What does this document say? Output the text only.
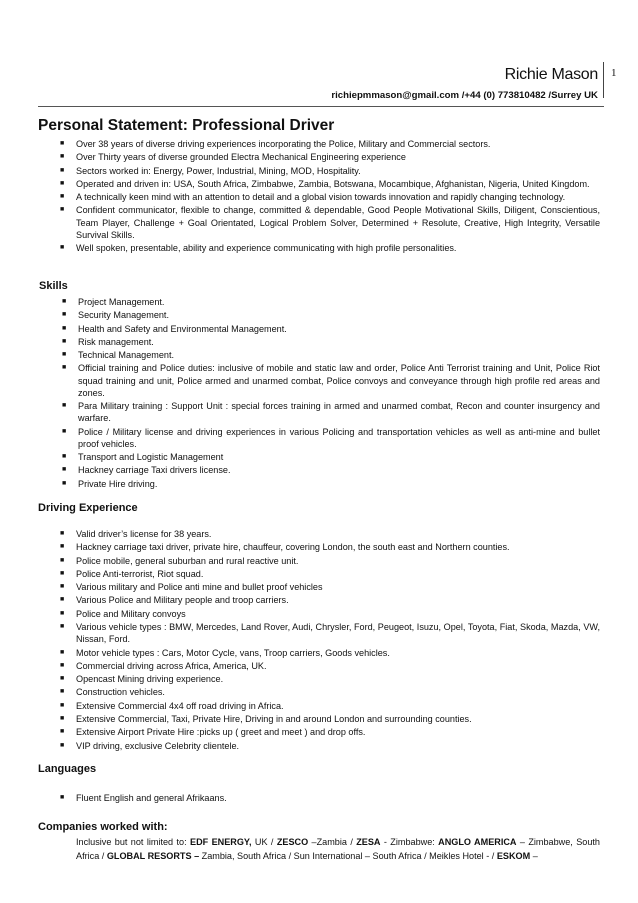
1
Richie Mason
richiepmmason@gmail.com /+44 (0) 773810482 /Surrey UK
Personal Statement: Professional Driver
■ Over 38 years of diverse driving experiences incorporating the Police, Military and Commercial sectors.
■ Over Thirty years of diverse grounded Electra Mechanical Engineering experience
■ Sectors worked in: Energy, Power, Industrial, Mining, MOD, Hospitality.
■ Operated and driven in: USA, South Africa, Zimbabwe, Zambia, Botswana, Mocambique, Afghanistan, Nigeria, United Kingdom.
■ A technically keen mind with an attention to detail and a global vision towards innovation and rapidly changing technology.
■ Confident communicator, flexible to change, committed & dependable, Good People Motivational Skills, Diligent, Conscientious, Team Player, Challenge + Goal Orientated, Logical Problem Solver, Determined + Resolute, Creative, High Integrity, Versatile Survival Skills.
■ Well spoken, presentable, ability and experience communicating with high profile personalities.
Skills
■ Project Management.
■ Security Management.
■ Health and Safety and Environmental Management.
■ Risk management.
■ Technical Management.
■ Official training and Police duties: inclusive of mobile and static law and order, Police Anti Terrorist training and Unit, Police Riot squad training and unit, Police armed and unarmed combat, Police convoys and conveyance through high profile red areas and zones.
■ Para Military training : Support Unit : special forces training in armed and unarmed combat, Recon and counter insurgency and warfare.
■ Police / Military license and driving experiences in various Policing and transportation vehicles as well as anti-mine and bullet proof vehicles.
■ Transport and Logistic Management
■ Hackney carriage Taxi drivers license.
■ Private Hire driving.
Driving Experience
■ Valid driver’s license for 38 years.
■ Hackney carriage taxi driver, private hire, chauffeur, covering London, the south east and Northern counties.
■ Police mobile, general suburban and rural reactive unit.
■ Police Anti-terrorist, Riot squad.
■ Various military and Police anti mine and bullet proof vehicles
■ Various Police and Military people and troop carriers.
■ Police and Military convoys
■ Various vehicle types : BMW, Mercedes, Land Rover, Audi, Chrysler, Ford, Peugeot, Isuzu, Opel, Toyota, Fiat, Skoda, Mazda, VW, Nissan, Ford.
■ Motor vehicle types : Cars, Motor Cycle, vans, Troop carriers, Goods vehicles.
■ Commercial driving across Africa, America, UK.
■ Opencast Mining driving experience.
■ Construction vehicles.
■ Extensive Commercial 4x4 off road driving in Africa.
■ Extensive Commercial, Taxi, Private Hire, Driving in and around London and surrounding counties.
■ Extensive Airport Private Hire :picks up ( greet and meet ) and drop offs.
■ VIP driving, exclusive Celebrity clientele.
Languages
■ Fluent English and general Afrikaans.
Companies worked with:
Inclusive but not limited to: EDF ENERGY, UK / ZESCO –Zambia / ZESA - Zimbabwe: ANGLO AMERICA – Zimbabwe, South Africa / GLOBAL RESORTS – Zambia, South Africa / Sun International – South Africa / Meikles Hotel - / ESKOM –
